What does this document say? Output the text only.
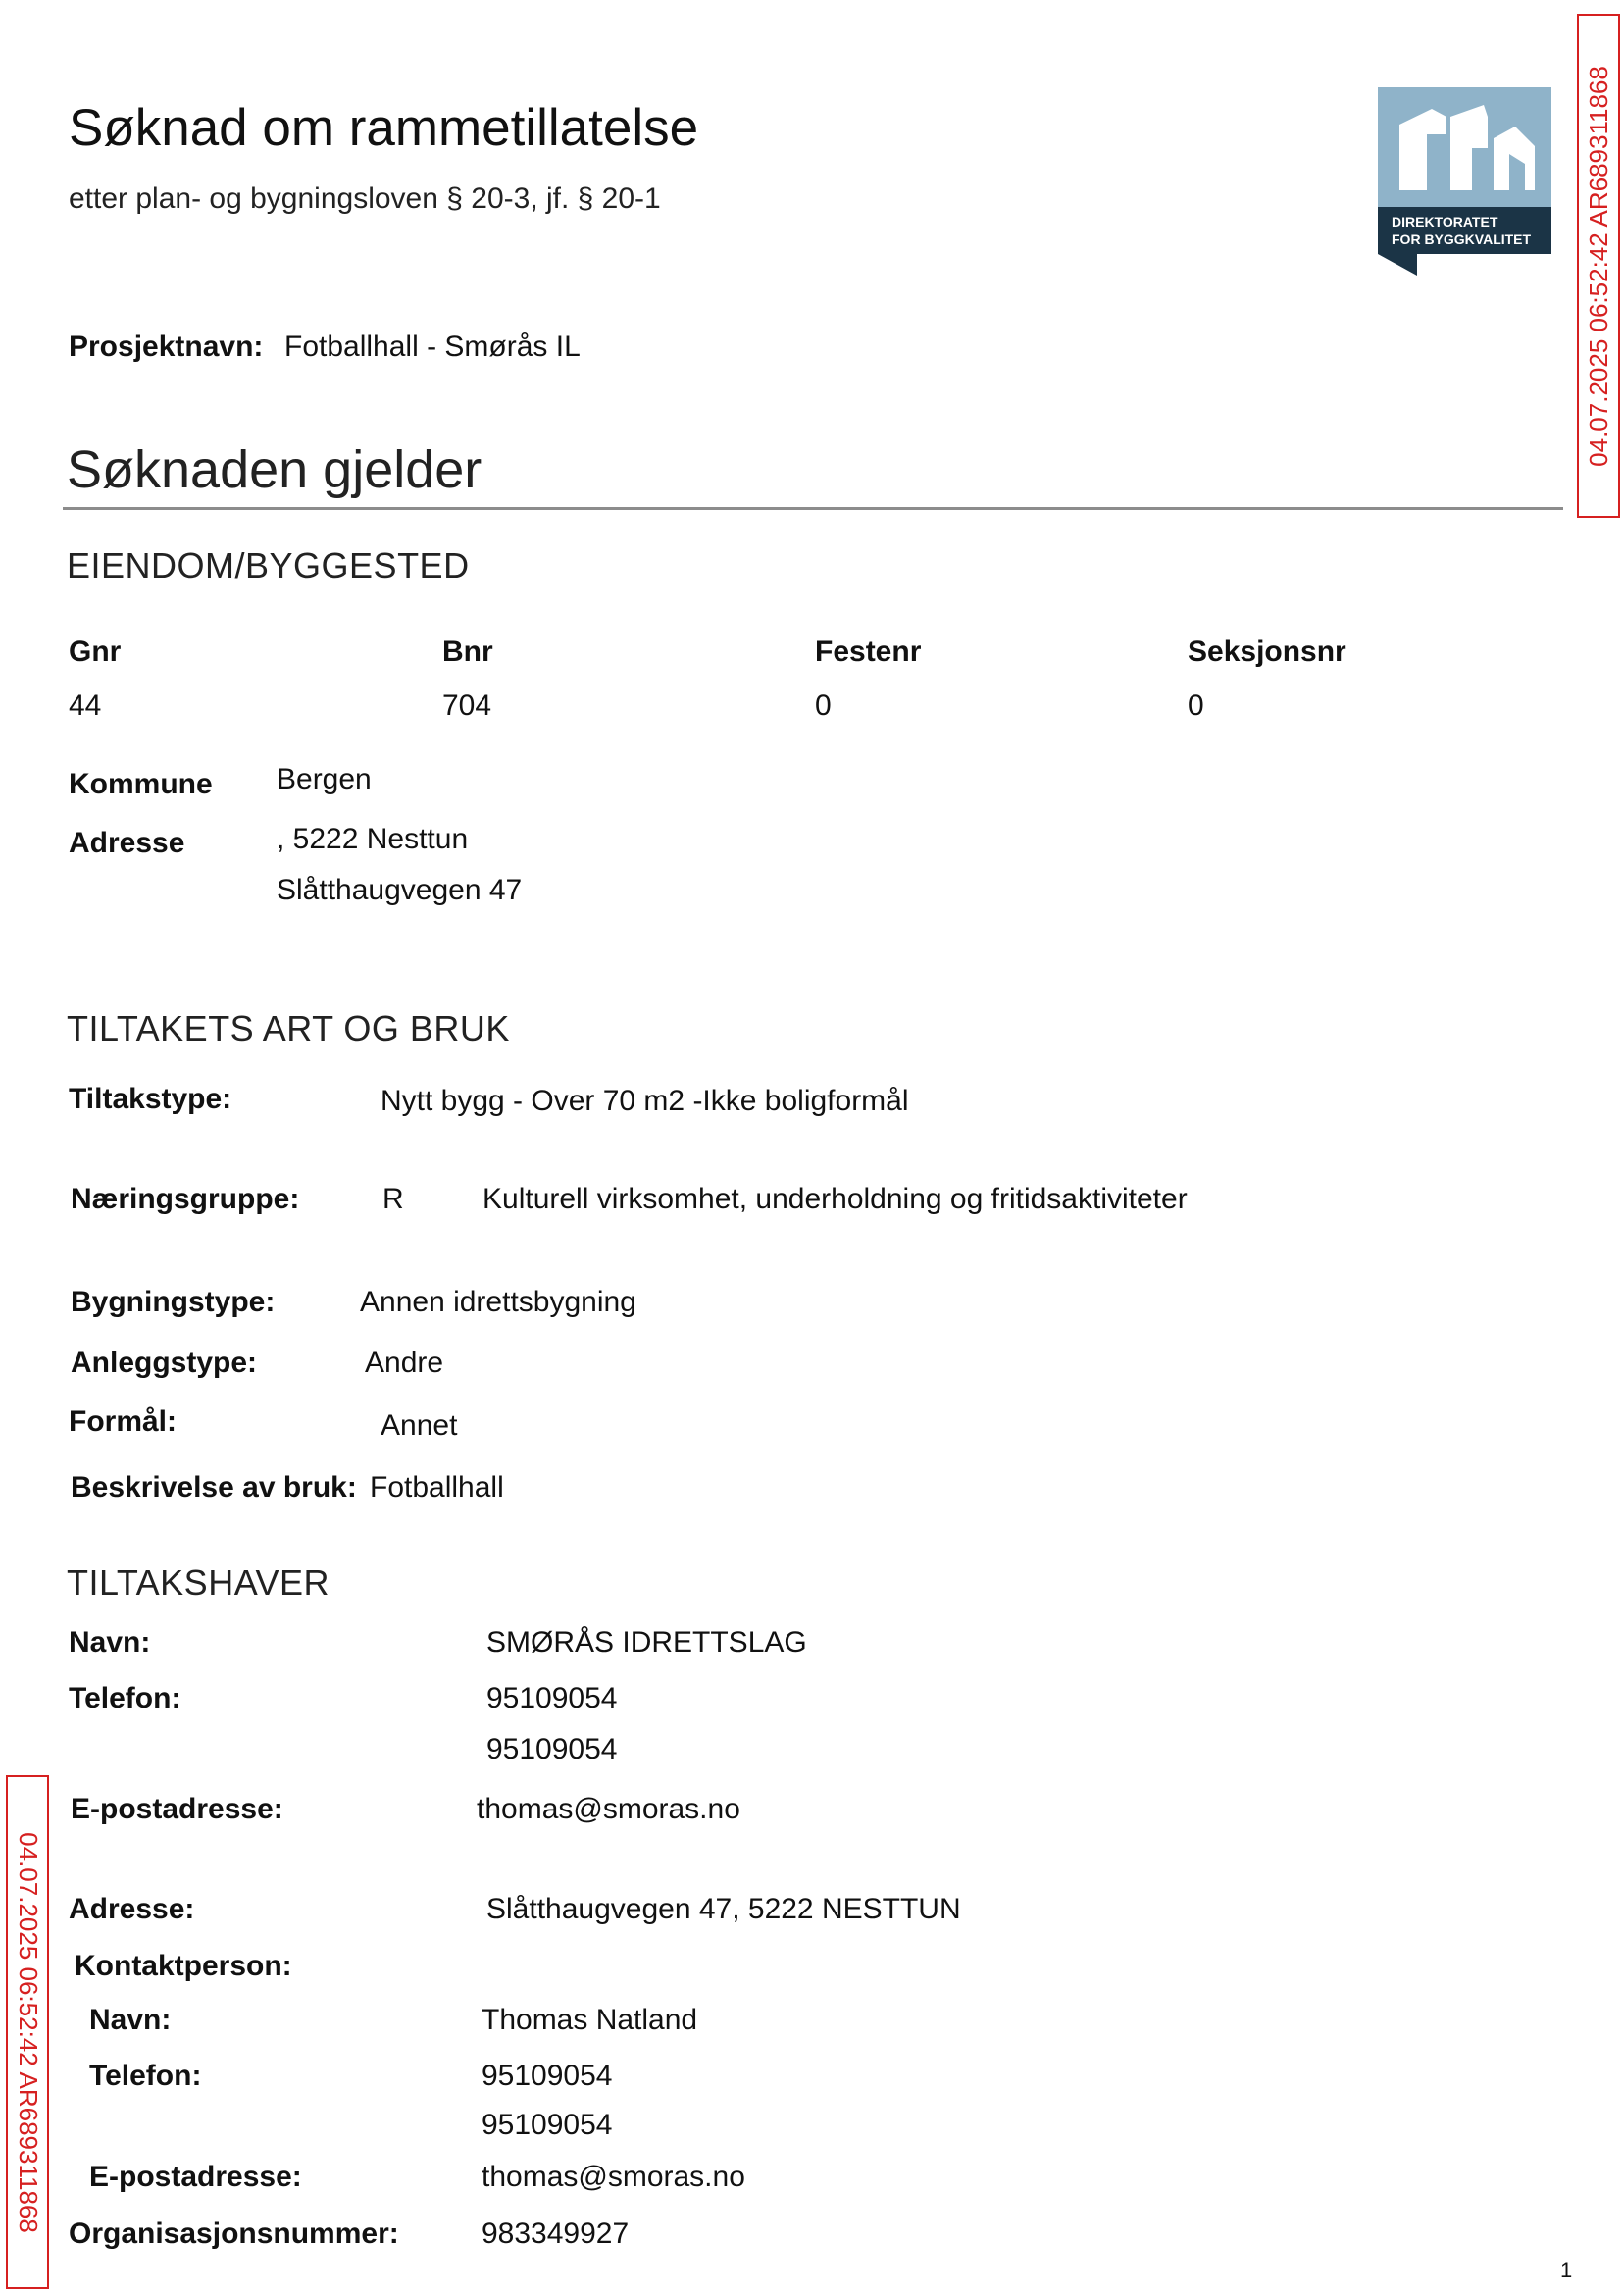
Søknad om rammetillatelse
etter plan- og bygningsloven § 20-3, jf. § 20-1
DIREKTORATET
FOR BYGGKVALITET 04.07.2025 06:52:42 AR689311868
04.07.2025 06:52:42 AR689311868
Prosjektnavn: Fotballhall - Smørås IL
Søknaden gjelder
EIENDOM/BYGGESTED
Gnr	Bnr	Festenr	Seksjonsnr
44	704	0	0
Kommune Bergen
Adresse	, 5222 Nesttun
Slåtthaugvegen 47
TILTAKETS ART OG BRUK
Tiltakstype:	Nytt bygg - Over 70 m2 -Ikke boligformål
Næringsgruppe:	R	Kulturell virksomhet, underholdning og fritidsaktiviteter
Bygningstype:	Annen idrettsbygning
Anleggstype:	Andre
Formål:	Annet
Beskrivelse av bruk: Fotballhall
TILTAKSHAVER
Navn:	SMØRÅS IDRETTSLAG
Telefon:	95109054
95109054
E-postadresse:	thomas@smoras.no
Adresse:	Slåtthaugvegen 47, 5222 NESTTUN
Kontaktperson:
Navn:	Thomas Natland
Telefon:	95109054
95109054
E-postadresse:	thomas@smoras.no
Organisasjonsnummer:	983349927
1
